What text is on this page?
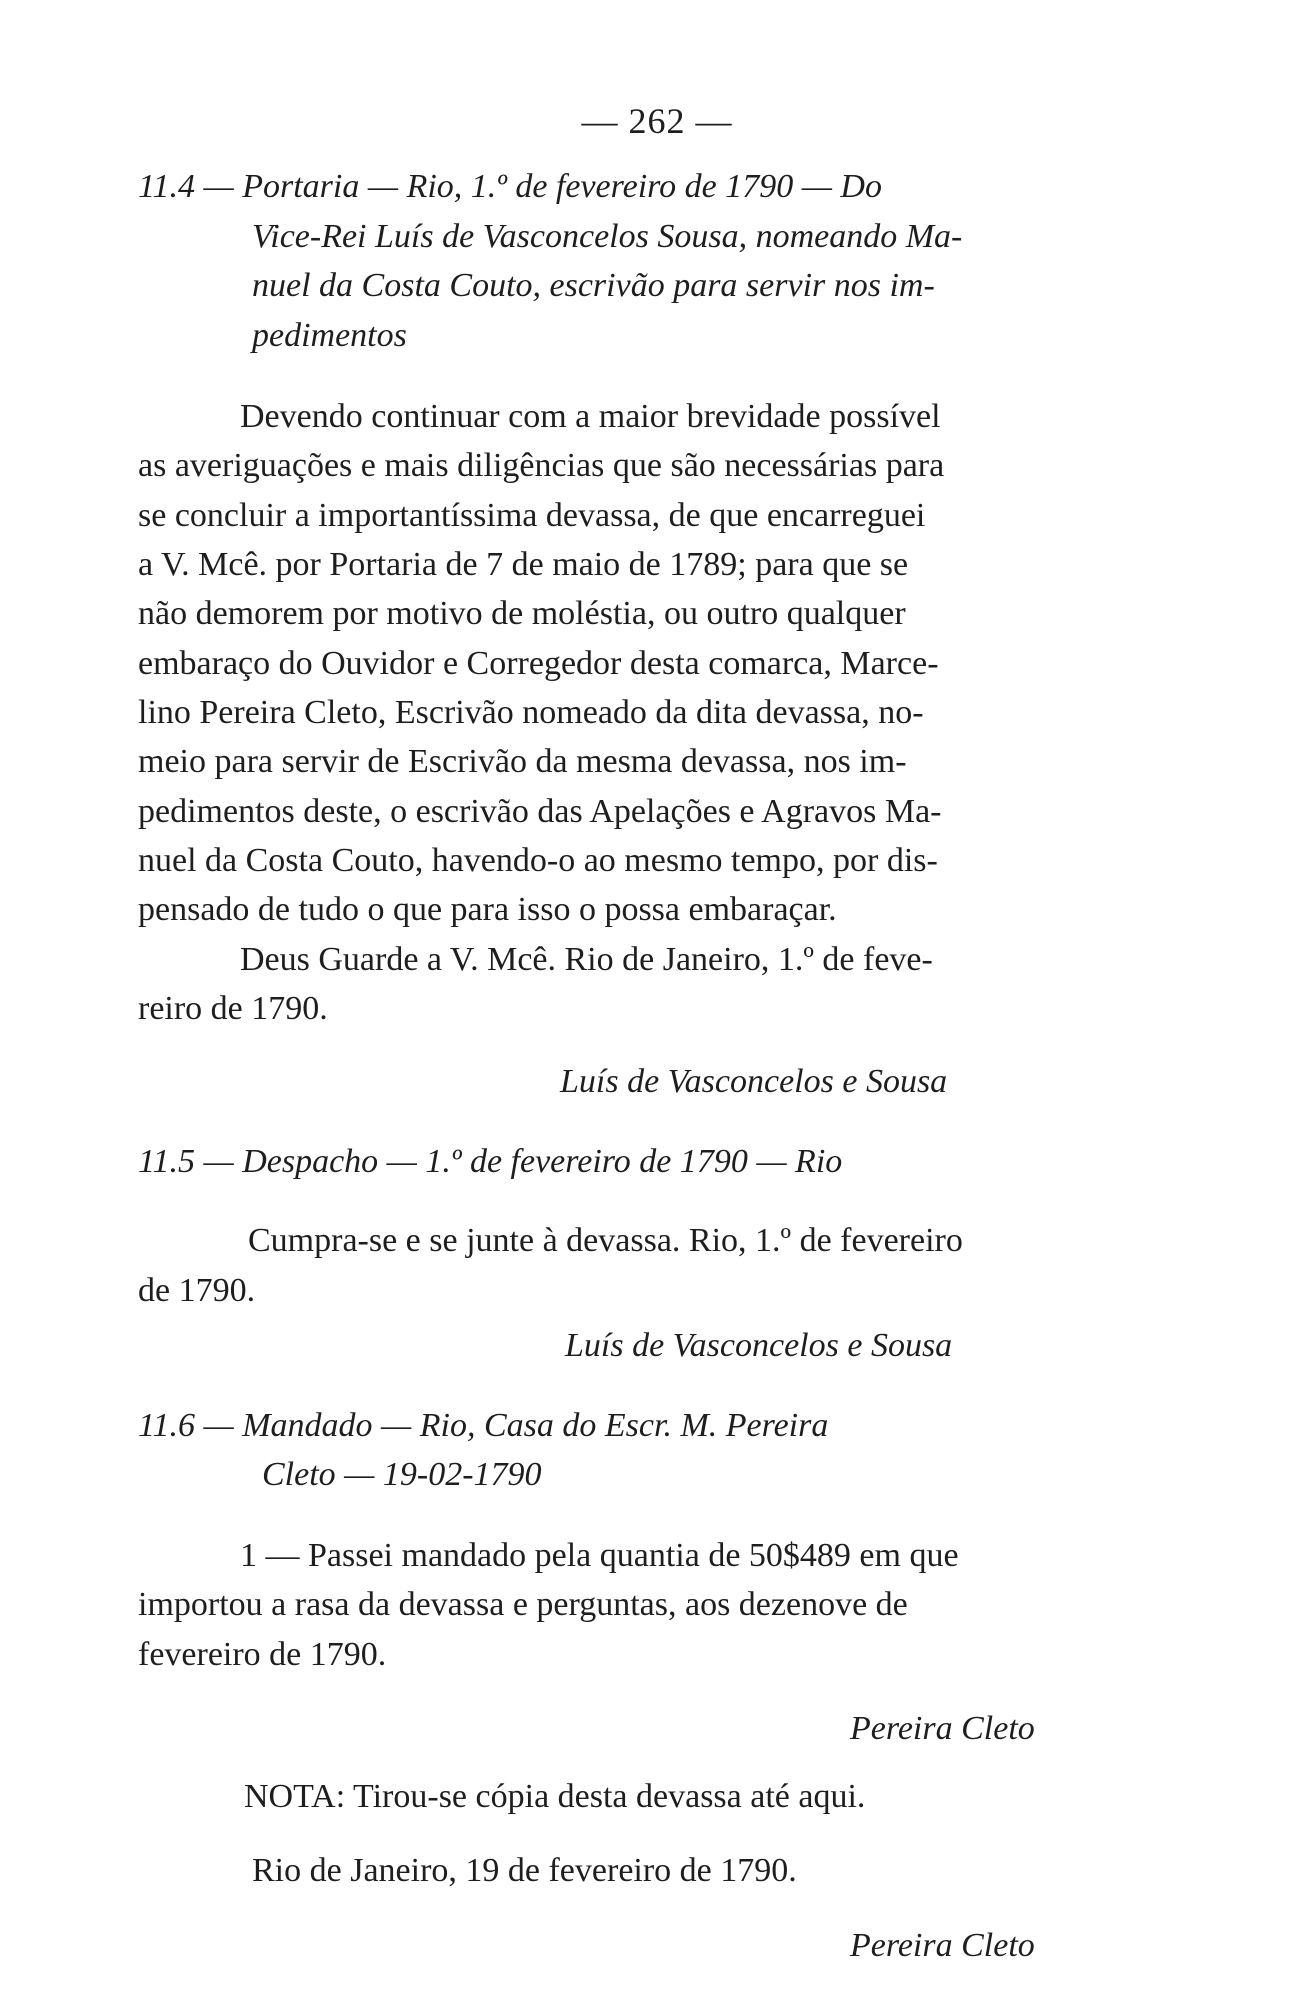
— 262 —
11.4 — Portaria — Rio, 1.º de fevereiro de 1790 — Do
Vice-Rei Luís de Vasconcelos Sousa, nomeando Ma-
nuel da Costa Couto, escrivão para servir nos im-
pedimentos
Devendo continuar com a maior brevidade possível
as averiguações e mais diligências que são necessárias para
se concluir a importantíssima devassa, de que encarreguei
a V. Mcê. por Portaria de 7 de maio de 1789; para que se
não demorem por motivo de moléstia, ou outro qualquer
embaraço do Ouvidor e Corregedor desta comarca, Marce-
lino Pereira Cleto, Escrivão nomeado da dita devassa, no-
meio para servir de Escrivão da mesma devassa, nos im-
pedimentos deste, o escrivão das Apelações e Agravos Ma-
nuel da Costa Couto, havendo-o ao mesmo tempo, por dis-
pensado de tudo o que para isso o possa embaraçar.
Deus Guarde a V. Mcê. Rio de Janeiro, 1.º de feve-
reiro de 1790.
Luís de Vasconcelos e Sousa
11.5 — Despacho — 1.º de fevereiro de 1790 — Rio
Cumpra-se e se junte à devassa. Rio, 1.º de fevereiro
de 1790.
Luís de Vasconcelos e Sousa
11.6 — Mandado — Rio, Casa do Escr. M. Pereira
Cleto — 19-02-1790
1 — Passei mandado pela quantia de 50$489 em que
importou a rasa da devassa e perguntas, aos dezenove de
fevereiro de 1790.
Pereira Cleto
NOTA: Tirou-se cópia desta devassa até aqui.
Rio de Janeiro, 19 de fevereiro de 1790.
Pereira Cleto
